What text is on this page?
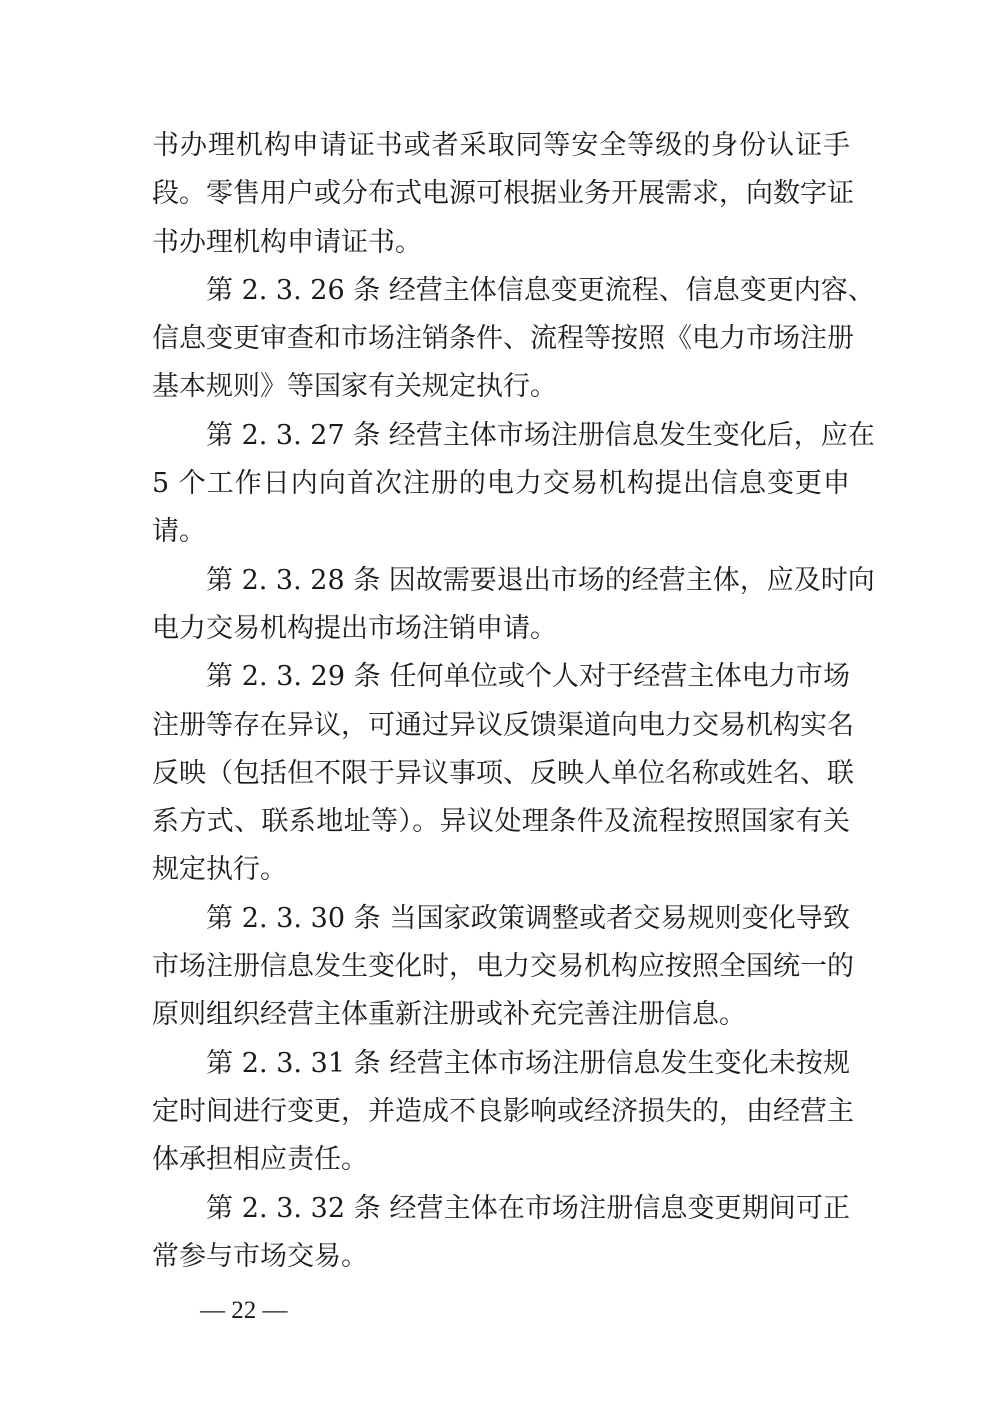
书办理机构申请证书或者采取同等安全等级的身份认证手
段。零售用户或分布式电源可根据业务开展需求，向数字证
书办理机构申请证书。
第 2. 3. 26 条 经营主体信息变更流程、信息变更内容、
信息变更审查和市场注销条件、流程等按照《电力市场注册
基本规则》等国家有关规定执行。
第 2. 3. 27 条 经营主体市场注册信息发生变化后，应在
5 个工作日内向首次注册的电力交易机构提出信息变更申
请。
第 2. 3. 28 条 因故需要退出市场的经营主体，应及时向
电力交易机构提出市场注销申请。
第 2. 3. 29 条 任何单位或个人对于经营主体电力市场
注册等存在异议，可通过异议反馈渠道向电力交易机构实名
反映（包括但不限于异议事项、反映人单位名称或姓名、联
系方式、联系地址等）。异议处理条件及流程按照国家有关
规定执行。
第 2. 3. 30 条 当国家政策调整或者交易规则变化导致
市场注册信息发生变化时，电力交易机构应按照全国统一的
原则组织经营主体重新注册或补充完善注册信息。
第 2. 3. 31 条 经营主体市场注册信息发生变化未按规
定时间进行变更，并造成不良影响或经济损失的，由经营主
体承担相应责任。
第 2. 3. 32 条 经营主体在市场注册信息变更期间可正
常参与市场交易。
— 22 —
